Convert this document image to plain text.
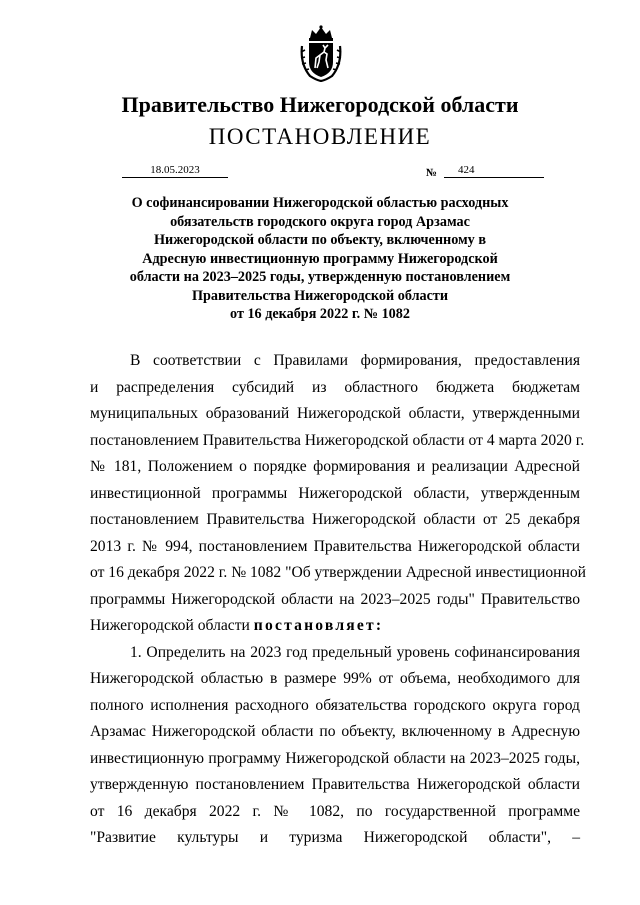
Правительство Нижегородской области
ПОСТАНОВЛЕНИЕ
18.05.2023	№	424
О софинансировании Нижегородской областью расходных
обязательств городского округа город Арзамас
Нижегородской области по объекту, включенному в
Адресную инвестиционную программу Нижегородской
области на 2023–2025 годы, утвержденную постановлением
Правительства Нижегородской области
от 16 декабря 2022 г. № 1082
В соответствии с Правилами формирования, предоставления
и распределения субсидий из областного бюджета бюджетам
муниципальных образований Нижегородской области, утвержденными
постановлением Правительства Нижегородской области от 4 марта 2020 г.
№ 181, Положением о порядке формирования и реализации Адресной
инвестиционной программы Нижегородской области, утвержденным
постановлением Правительства Нижегородской области от 25 декабря
2013 г. № 994, постановлением Правительства Нижегородской области
от 16 декабря 2022 г. № 1082 "Об утверждении Адресной инвестиционной
программы Нижегородской области на 2023–2025 годы" Правительство
Нижегородской области постановляет:
1. Определить на 2023 год предельный уровень софинансирования
Нижегородской областью в размере 99% от объема, необходимого для
полного исполнения расходного обязательства городского округа город
Арзамас Нижегородской области по объекту, включенному в Адресную
инвестиционную программу Нижегородской области на 2023–2025 годы,
утвержденную постановлением Правительства Нижегородской области
от 16 декабря 2022 г. № 1082, по государственной программе
"Развитие культуры и туризма Нижегородской области", –
